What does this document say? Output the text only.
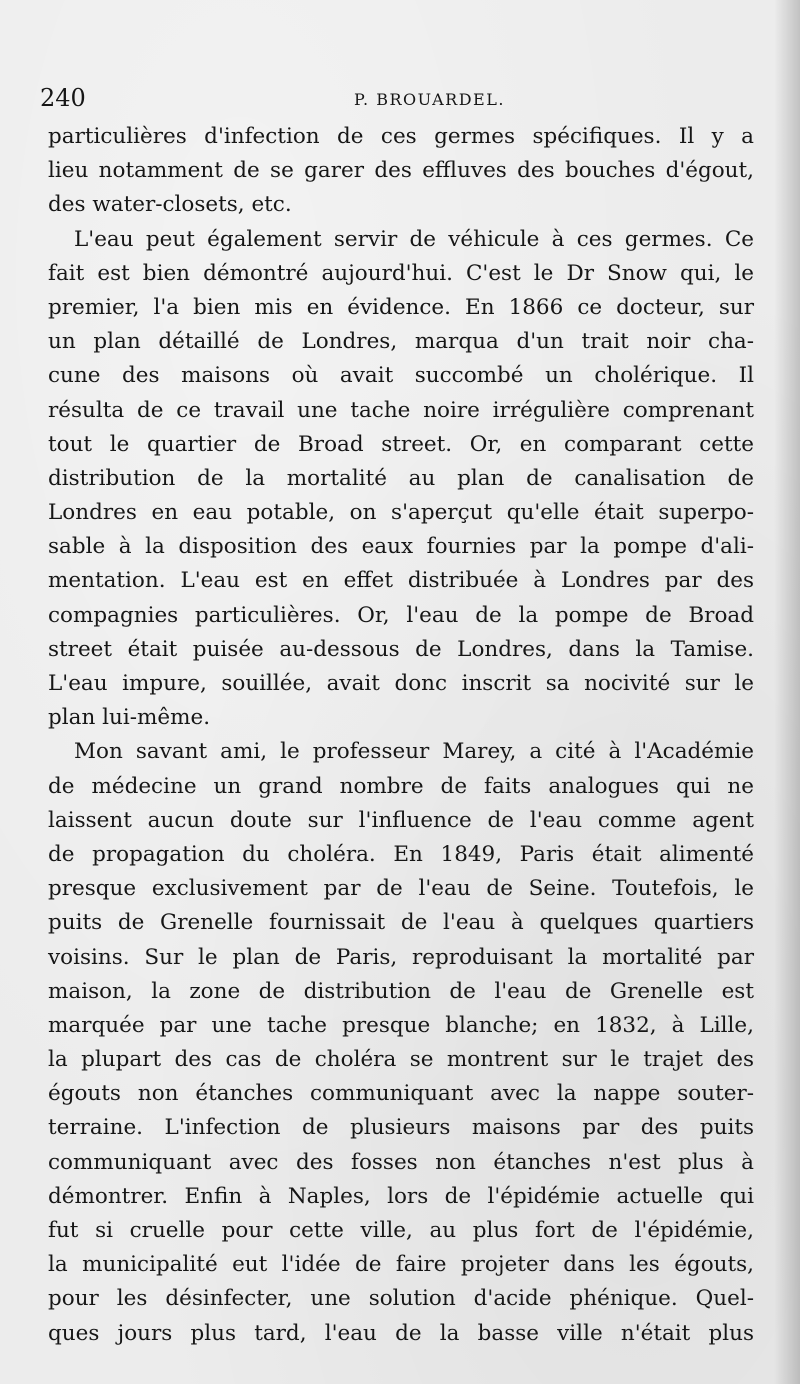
240	P. BROUARDEL.
particulières d'infection de ces germes spécifiques. Il y a
lieu notamment de se garer des effluves des bouches d'égout,
des water-closets, etc.
L'eau peut également servir de véhicule à ces germes. Ce
fait est bien démontré aujourd'hui. C'est le Dr Snow qui, le
premier, l'a bien mis en évidence. En 1866 ce docteur, sur
un plan détaillé de Londres, marqua d'un trait noir cha-
cune des maisons où avait succombé un cholérique. Il
résulta de ce travail une tache noire irrégulière comprenant
tout le quartier de Broad street. Or, en comparant cette
distribution de la mortalité au plan de canalisation de
Londres en eau potable, on s'aperçut qu'elle était superpo-
sable à la disposition des eaux fournies par la pompe d'ali-
mentation. L'eau est en effet distribuée à Londres par des
compagnies particulières. Or, l'eau de la pompe de Broad
street était puisée au-dessous de Londres, dans la Tamise.
L'eau impure, souillée, avait donc inscrit sa nocivité sur le
plan lui-même.
Mon savant ami, le professeur Marey, a cité à l'Académie
de médecine un grand nombre de faits analogues qui ne
laissent aucun doute sur l'influence de l'eau comme agent
de propagation du choléra. En 1849, Paris était alimenté
presque exclusivement par de l'eau de Seine. Toutefois, le
puits de Grenelle fournissait de l'eau à quelques quartiers
voisins. Sur le plan de Paris, reproduisant la mortalité par
maison, la zone de distribution de l'eau de Grenelle est
marquée par une tache presque blanche; en 1832, à Lille,
la plupart des cas de choléra se montrent sur le trajet des
égouts non étanches communiquant avec la nappe souter-
terraine. L'infection de plusieurs maisons par des puits
communiquant avec des fosses non étanches n'est plus à
démontrer. Enfin à Naples, lors de l'épidémie actuelle qui
fut si cruelle pour cette ville, au plus fort de l'épidémie,
la municipalité eut l'idée de faire projeter dans les égouts,
pour les désinfecter, une solution d'acide phénique. Quel-
ques jours plus tard, l'eau de la basse ville n'était plus
